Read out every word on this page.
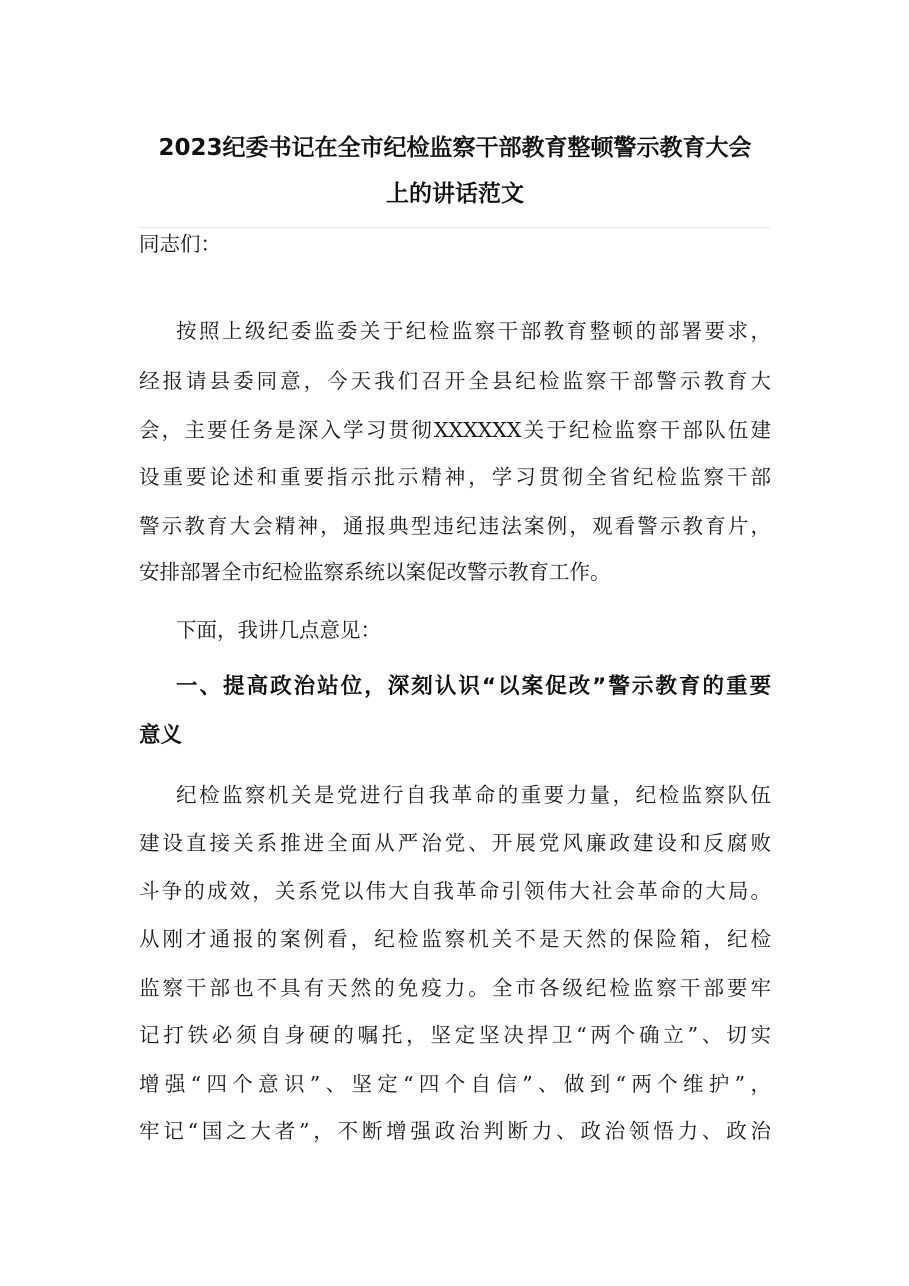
2023纪委书记在全市纪检监察干部教育整顿警示教育大会
上的讲话范文
同志们：
按照上级纪委监委关于纪检监察干部教育整顿的部署要求，
经报请县委同意，今天我们召开全县纪检监察干部警示教育大
会，主要任务是深入学习贯彻XXXXXX关于纪检监察干部队伍建
设重要论述和重要指示批示精神，学习贯彻全省纪检监察干部
警示教育大会精神，通报典型违纪违法案例，观看警示教育片，
安排部署全市纪检监察系统以案促改警示教育工作。
下面，我讲几点意见：
一、提高政治站位，深刻认识“以案促改”警示教育的重要
意义
纪检监察机关是党进行自我革命的重要力量，纪检监察队伍
建设直接关系推进全面从严治党、开展党风廉政建设和反腐败
斗争的成效，关系党以伟大自我革命引领伟大社会革命的大局。
从刚才通报的案例看，纪检监察机关不是天然的保险箱，纪检
监察干部也不具有天然的免疫力。全市各级纪检监察干部要牢
记打铁必须自身硬的嘱托，坚定坚决捍卫“两个确立”、切实
增强“四个意识”、坚定“四个自信”、做到“两个维护”，
牢记“国之大者”，不断增强政治判断力、政治领悟力、政治
